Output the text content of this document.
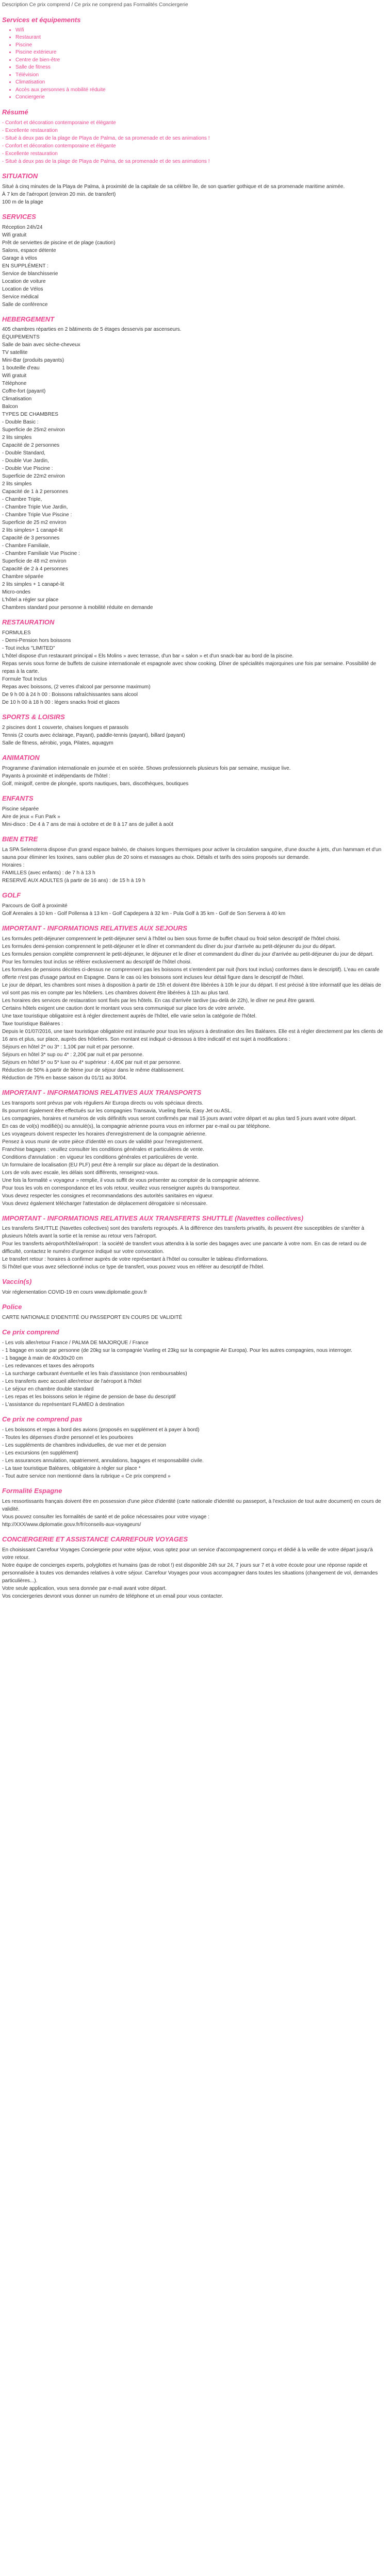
Description Ce prix comprend / Ce prix ne comprend pas Formalités Conciergerie
Services et équipements
• Wifi
• Restaurant
• Piscine
• Piscine extérieure
• Centre de bien-être
• Salle de fitness
• Télévision
• Climatisation
• Accès aux personnes à mobilité réduite
• Conciergerie
Résumé

- Confort et décoration contemporaine et élégante

- Excellente restauration

- Situé à deux pas de la plage de Playa de Palma, de sa promenade et de ses animations !

- Confort et décoration contemporaine et élégante

- Excellente restauration

- Situé à deux pas de la plage de Playa de Palma, de sa promenade et de ses animations !

SITUATION

Situé à cinq minutes de la Playa de Palma, à proximité de la capitale de sa célèbre île, de son quartier gothique et de sa promenade maritime animée.

À 7 km de l'aéroport (environ 20 min. de transfert)

100 m de la plage

SERVICES

Réception 24h/24

Wifi gratuit

Prêt de serviettes de piscine et de plage (caution)

Salons, espace détente

Garage à vélos

EN SUPPLÉMENT :

Service de blanchisserie

Location de voiture

Location de Vélos

Service médical

Salle de conférence

HEBERGEMENT

405 chambres réparties en 2 bâtiments de 5 étages desservis par ascenseurs.

ÉQUIPEMENTS

Salle de bain avec sèche-cheveux

TV satellite

Mini-Bar (produits payants)

1 bouteille d'eau

Wifi gratuit

Téléphone

Coffre-fort (payant)

Climatisation

Balcon

TYPES DE CHAMBRES

- Double Basic :

Superficie de 25m2 environ

2 lits simples

Capacité de 2 personnes

- Double Standard,

- Double Vue Jardin,

- Double Vue Piscine :

Superficie de 22m2 environ

2 lits simples

Capacité de 1 à 2 personnes

- Chambre Triple,

- Chambre Triple Vue Jardin,

- Chambre Triple Vue Piscine :

Superficie de 25 m2 environ

2 lits simples+ 1 canapé-lit

Capacité de 3 personnes

- Chambre Familiale,

- Chambre Familiale Vue Piscine :

Superficie de 48 m2 environ

Capacité de 2 à 4 personnes

Chambre séparée

2 lits simples + 1 canapé-lit

Micro-ondes

L'hôtel a régler sur place

Chambres standard pour personne à mobilité réduite en demande

RESTAURATION

FORMULES

- Demi-Pension hors boissons

- Tout inclus "LIMITED"

L'hôtel dispose d'un restaurant principal « Els Molins » avec terrasse, d'un bar « salon » et d'un snack-bar au bord de la piscine.

Repas servis sous forme de buffets de cuisine internationale et espagnole avec show cooking. Dîner de spécialités majorquines une fois par semaine. Possibilité de repas à la carte.

Formule Tout Inclus

Repas avec boissons, (2 verres d'alcool par personne maximum)

De 9 h 00 à 24 h 00 : Boissons rafraîchissantes sans alcool

De 10 h 00 à 18 h 00 : légers snacks froid et glaces

SPORTS & LOISIRS

2 piscines dont 1 couverte, chaises longues et parasols

Tennis (2 courts avec éclairage, Payant), paddle-tennis (payant), billard (payant)

Salle de fitness, aérobic, yoga, Pilates, aquagym

ANIMATION

Programme d'animation internationale en journée et en soirée. Shows professionnels plusieurs fois par semaine, musique live.

Payants à proximité et indépendants de l'hôtel :

Golf, minigolf, centre de plongée, sports nautiques, bars, discothèques, boutiques

ENFANTS

Piscine séparée

Aire de jeux « Fun Park »

Mini-disco : De 4 à 7 ans de mai à octobre et de 8 à 17 ans de juillet à août

BIEN ETRE

La SPA Selenoterra dispose d'un grand espace balnéo, de chaises longues thermiques pour activer la circulation sanguine, d'une douche à jets, d'un hammam et d'un sauna pour éliminer les toxines, sans oublier plus de 20 soins et massages au choix. Détails et tarifs des soins proposés sur demande.

Horaires :

FAMILLES (avec enfants) : de 7 h à 13 h

RESERVÉ AUX ADULTES (à partir de 16 ans) : de 15 h à 19 h

GOLF

Parcours de Golf à proximité

Golf Arenales à 10 km - Golf Pollensa à 13 km - Golf Capdepera à 32 km - Pula Golf à 35 km - Golf de Son Servera à 40 km

IMPORTANT - INFORMATIONS RELATIVES AUX SEJOURS

Les formules petit-déjeuner comprennent le petit-déjeuner servi à l'hôtel ou bien sous forme de buffet chaud ou froid selon descriptif de l'hôtel choisi.

Les formules demi-pension comprennent le petit-déjeuner et le dîner et commandent du dîner du jour d'arrivée au petit-déjeuner du jour du départ.

Les formules pension complète comprennent le petit-déjeuner, le déjeuner et le dîner et commandent du dîner du jour d'arrivée au petit-déjeuner du jour de départ.

Pour les formules tout inclus se référer exclusivement au descriptif de l'hôtel choisi.

Les formules de pensions décrites ci-dessus ne comprennent pas les boissons et s'entendent par nuit (hors tout inclus) conformes dans le descriptif). L'eau en carafe offerte n'est pas d'usage partout en Espagne. Dans le cas où les boissons sont incluses leur détail figure dans le descriptif de l'hôtel.

Le jour de départ, les chambres sont mises à disposition à partir de 15h et doivent être libérées à 10h le jour du départ. Il est précisé à titre informatif que les délais de vol sont pas mis en compte par les hôteliers. Les chambres doivent être libérées à 11h au plus tard.

Les horaires des services de restauration sont fixés par les hôtels. En cas d'arrivée tardive (au-delà de 22h), le dîner ne peut être garanti.

Certains hôtels exigent une caution dont le montant vous sera communiqué sur place lors de votre arrivée.

Une taxe touristique obligatoire est à régler directement auprès de l'hôtel, elle varie selon la catégorie de l'hôtel.

Taxe touristique Baléares :

Depuis le 01/07/2016, une taxe touristique obligatoire est instaurée pour tous les séjours à destination des îles Baléares. Elle est à régler directement par les clients de 16 ans et plus, sur place, auprès des hôteliers. Son montant est indiqué ci-dessous à titre indicatif et est sujet à modifications :

Séjours en hôtel 2* ou 3* : 1,10€ par nuit et par personne.

Séjours en hôtel 3* sup ou 4* : 2,20€ par nuit et par personne.

Séjours en hôtel 5* ou 5* luxe ou 4* supérieur : 4,40€ par nuit et par personne.

Réduction de 50% à partir de 9ème jour de séjour dans le même établissement.

Réduction de 75% en basse saison du 01/11 au 30/04.

IMPORTANT - INFORMATIONS RELATIVES AUX TRANSPORTS

Les transports sont prévus par vols réguliers Air Europa directs ou vols spéciaux directs.

Ils pourront également être effectués sur les compagnies Transavia, Vueling Iberia, Easy Jet ou ASL.

Les compagnies, horaires et numéros de vols définitifs vous seront confirmés par mail 15 jours avant votre départ et au plus tard 5 jours avant votre départ.

En cas de vol(s) modifié(s) ou annulé(s), la compagnie aérienne pourra vous en informer par e-mail ou par téléphone.

Les voyageurs doivent respecter les horaires d'enregistrement de la compagnie aérienne.

Pensez à vous munir de votre pièce d'identité en cours de validité pour l'enregistrement.

Franchise bagages : veuillez consulter les conditions générales et particulières de vente.

Conditions d'annulation : en vigueur les conditions générales et particulières de vente.

Un formulaire de localisation (EU PLF) peut être à remplir sur place au départ de la destination.

Lors de vols avec escale, les délais sont différents, renseignez-vous.

Une fois la formalité « voyageur » remplie, il vous suffit de vous présenter au comptoir de la compagnie aérienne.

Pour tous les vols en correspondance et les vols retour, veuillez vous renseigner auprès du transporteur.

Vous devez respecter les consignes et recommandations des autorités sanitaires en vigueur.

Vous devez également télécharger l'attestation de déplacement dérogatoire si nécessaire.

IMPORTANT - INFORMATIONS RELATIVES AUX TRANSFERTS SHUTTLE (Navettes collectives)

Les transferts SHUTTLE (Navettes collectives) sont des transferts regroupés. À la différence des transferts privatifs, ils peuvent être susceptibles de s'arrêter à plusieurs hôtels avant la sortie et la remise au retour vers l'aéroport.

Pour les transferts aéroport/hôtel/aéroport : la société de transfert vous attendra à la sortie des bagages avec une pancarte à votre nom. En cas de retard ou de difficulté, contactez le numéro d'urgence indiqué sur votre convocation.

Le transfert retour : horaires à confirmer auprès de votre représentant à l'hôtel ou consulter le tableau d'informations.

Si l'hôtel que vous avez sélectionné inclus ce type de transfert, vous pouvez vous en référer au descriptif de l'hôtel.

Vaccin(s)

Voir réglementation COVID-19 en cours www.diplomatie.gouv.fr

Police

CARTE NATIONALE D'IDENTITÉ OU PASSEPORT EN COURS DE VALIDITÉ

Ce prix comprend

- Les vols aller/retour France / PALMA DE MAJORQUE / France

- 1 bagage en soute par personne (de 20kg sur la compagnie Vueling et 23kg sur la compagnie Air Europa). Pour les autres compagnies, nous interroger.

- 1 bagage à main de 40x30x20 cm

- Les redevances et taxes des aéroports

- La surcharge carburant éventuelle et les frais d'assistance (non remboursables)

- Les transferts avec accueil aller/retour de l'aéroport à l'hôtel

- Le séjour en chambre double standard

- Les repas et les boissons selon le régime de pension de base du descriptif

- L'assistance du représentant FLAMEO à destination

Ce prix ne comprend pas

- Les boissons et repas à bord des avions (proposés en supplément et à payer à bord)

- Toutes les dépenses d'ordre personnel et les pourboires

- Les suppléments de chambres individuelles, de vue mer et de pension

- Les excursions (en supplément)

- Les assurances annulation, rapatriement, annulations, bagages et responsabilité civile.

- La taxe touristique Baléares, obligatoire à régler sur place *

- Tout autre service non mentionné dans la rubrique « Ce prix comprend »

Formalité Espagne

Les ressortissants français doivent être en possession d'une pièce d'identité (carte nationale d'identité ou passeport, à l'exclusion de tout autre document) en cours de validité.

Vous pouvez consulter les formalités de santé et de police nécessaires pour votre voyage :

http://XXX/www.diplomatie.gouv.fr/fr/conseils-aux-voyageurs/

CONCIERGERIE ET ASSISTANCE CARREFOUR VOYAGES

En choisissant Carrefour Voyages Conciergerie pour votre séjour, vous optez pour un service d'accompagnement conçu et dédié à la veille de votre départ jusqu'à votre retour.

Notre équipe de concierges experts, polyglottes et humains (pas de robot !) est disponible 24h sur 24, 7 jours sur 7 et à votre écoute pour une réponse rapide et personnalisée à toutes vos demandes relatives à votre séjour. Carrefour Voyages pour vous accompagner dans toutes les situations (changement de vol, demandes particulières...).

Votre seule application, vous sera donnée par e-mail avant votre départ.

Vos conciergeries devront vous donner un numéro de téléphone et un email pour vous contacter.
